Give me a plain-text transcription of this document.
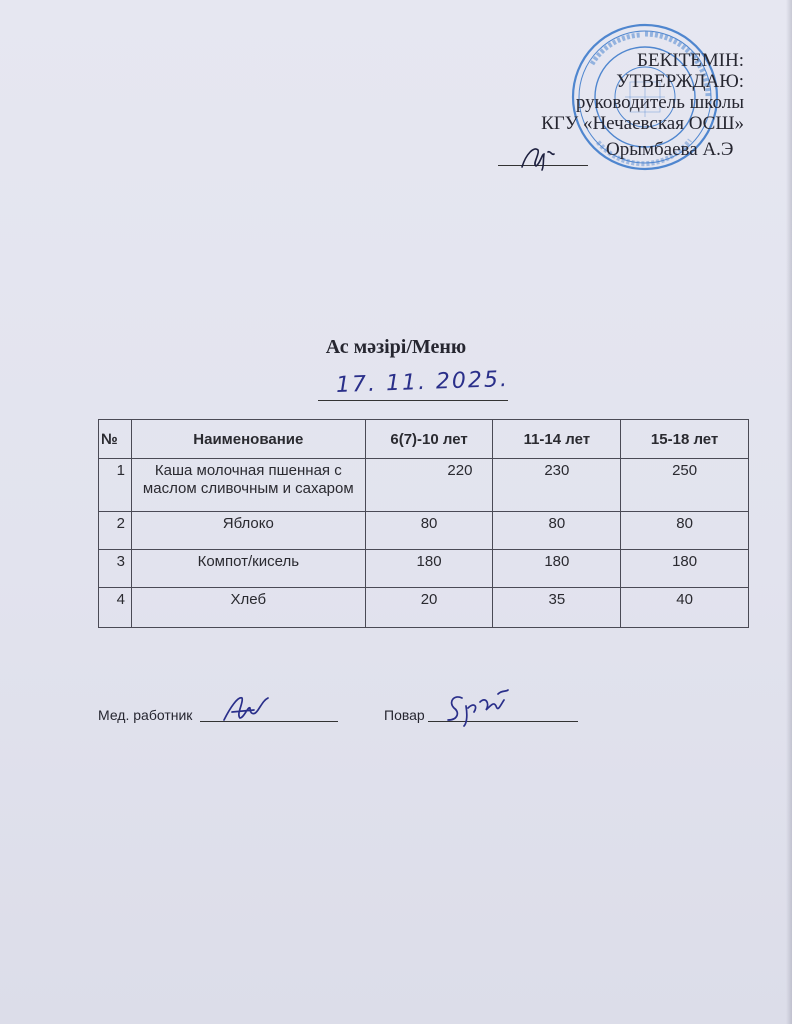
БЕКІТЕМІН:
УТВЕРЖДАЮ:
руководитель школы
КГУ «Нечаевская ОСШ»
Орымбаева А.Э
Ас мәзірі/Меню
17. 11. 2025.
№	Наименование	6(7)-10 лет	11-14 лет	15-18 лет
1	Каша молочная пшенная с маслом сливочным и сахаром	220	230	250
2	Яблоко	80	80	80
3	Компот/кисель	180	180	180
4	Хлеб	20	35	40
Мед. работник	Повар
